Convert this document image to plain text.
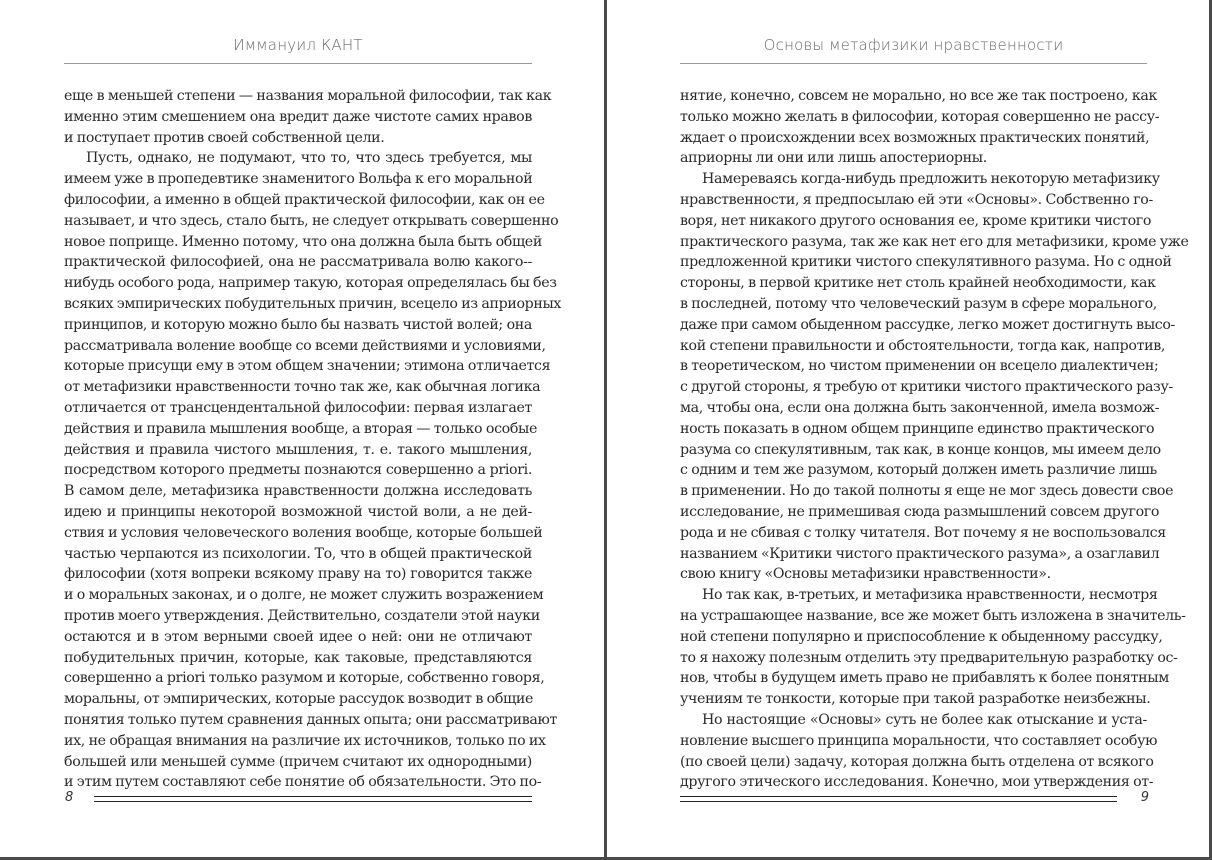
Иммануил КАНТ
еще в меньшей степени — названия моральной философии, так как
именно этим смешением она вредит даже чистоте самих нравов
и поступает против своей собственной цели.
Пусть, однако, не подумают, что то, что здесь требуется, мы
имеем уже в пропедевтике знаменитого Вольфа к его моральной
философии, а именно в общей практической философии, как он ее
называет, и что здесь, стало быть, не следует открывать совершенно
новое поприще. Именно потому, что она должна была быть общей
практической философией, она не рассматривала волю какого--
нибудь особого рода, например такую, которая определялась бы без
всяких эмпирических побудительных причин, всецело из априорных
принципов, и которую можно было бы назвать чистой волей; она
рассматривала воление вообще со всеми действиями и условиями,
которые присущи ему в этом общем значении; этимона отличается
от метафизики нравственности точно так же, как обычная логика
отличается от трансцендентальной философии: первая излагает
действия и правила мышления вообще, а вторая — только особые
действия и правила чистого мышления, т. е. такого мышления,
посредством которого предметы познаются совершенно a priori.
В самом деле, метафизика нравственности должна исследовать
идею и принципы некоторой возможной чистой воли, а не дей-
ствия и условия человеческого воления вообще, которые большей
частью черпаются из психологии. То, что в общей практической
философии (хотя вопреки всякому праву на то) говорится также
и о моральных законах, и о долге, не может служить возражением
против моего утверждения. Действительно, создатели этой науки
остаются и в этом верными своей идее о ней: они не отличают
побудительных причин, которые, как таковые, представляются
совершенно a priori только разумом и которые, собственно говоря,
моральны, от эмпирических, которые рассудок возводит в общие
понятия только путем сравнения данных опыта; они рассматривают
их, не обращая внимания на различие их источников, только по их
большей или меньшей сумме (причем считают их однородными)
и этим путем составляют себе понятие об обязательности. Это по-
8
Основы метафизики нравственности
нятие, конечно, совсем не морально, но все же так построено, как
только можно желать в философии, которая совершенно не рассу-
ждает о происхождении всех возможных практических понятий,
априорны ли они или лишь апостериорны.
Намереваясь когда-нибудь предложить некоторую метафизику
нравственности, я предпосылаю ей эти «Основы». Собственно го-
воря, нет никакого другого основания ее, кроме критики чистого
практического разума, так же как нет его для метафизики, кроме уже
предложенной критики чистого спекулятивного разума. Но с одной
стороны, в первой критике нет столь крайней необходимости, как
в последней, потому что человеческий разум в сфере морального,
даже при самом обыденном рассудке, легко может достигнуть высо-
кой степени правильности и обстоятельности, тогда как, напротив,
в теоретическом, но чистом применении он всецело диалектичен;
с другой стороны, я требую от критики чистого практического разу-
ма, чтобы она, если она должна быть законченной, имела возмож-
ность показать в одном общем принципе единство практического
разума со спекулятивным, так как, в конце концов, мы имеем дело
с одним и тем же разумом, который должен иметь различие лишь
в применении. Но до такой полноты я еще не мог здесь довести свое
исследование, не примешивая сюда размышлений совсем другого
рода и не сбивая с толку читателя. Вот почему я не воспользовался
названием «Критики чистого практического разума», а озаглавил
свою книгу «Основы метафизики нравственности».
Но так как, в-третьих, и метафизика нравственности, несмотря
на устрашающее название, все же может быть изложена в значитель-
ной степени популярно и приспособление к обыденному рассудку,
то я нахожу полезным отделить эту предварительную разработку ос-
нов, чтобы в будущем иметь право не прибавлять к более понятным
учениям те тонкости, которые при такой разработке неизбежны.
Но настоящие «Основы» суть не более как отыскание и уста-
новление высшего принципа моральности, что составляет особую
(по своей цели) задачу, которая должна быть отделена от всякого
другого этического исследования. Конечно, мои утверждения от-
9
